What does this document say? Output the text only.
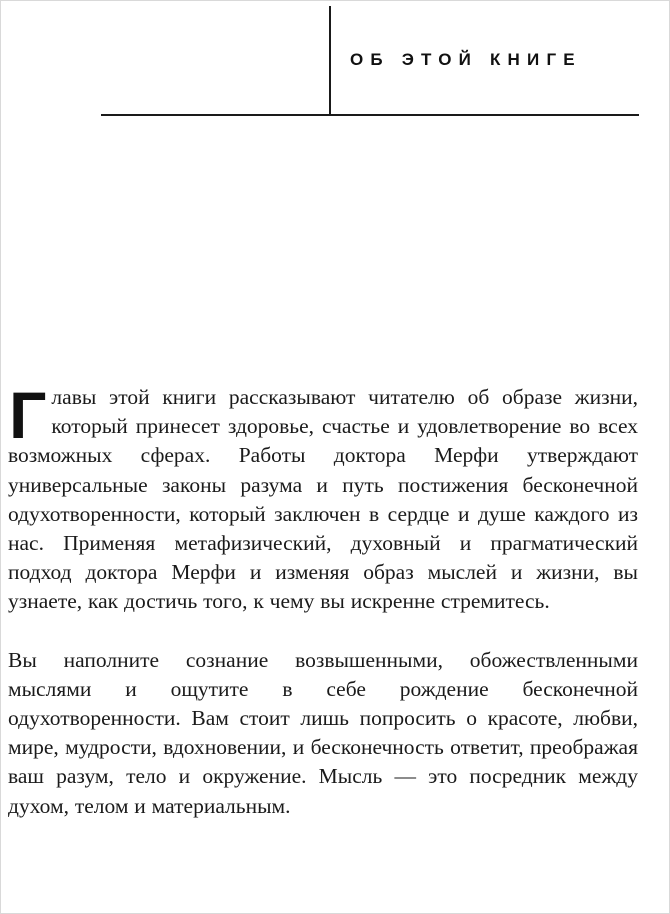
ОБ ЭТОЙ КНИГЕ

Главы этой книги рассказывают читателю об образе жизни, который принесет здоровье, счастье и удовлетворение во всех возможных сферах. Работы доктора Мерфи утверждают универсальные законы разума и путь постижения бесконечной одухотворенности, который заключен в сердце и душе каждого из нас. Применяя метафизический, духовный и прагматический подход доктора Мерфи и изменяя образ мыслей и жизни, вы узнаете, как достичь того, к чему вы искренне стремитесь.

Вы наполните сознание возвышенными, обожествленными мыслями и ощутите в себе рождение бесконечной одухотворенности. Вам стоит лишь попросить о красоте, любви, мире, мудрости, вдохновении, и бесконечность ответит, преображая ваш разум, тело и окружение. Мысль — это посредник между духом, телом и материальным.
